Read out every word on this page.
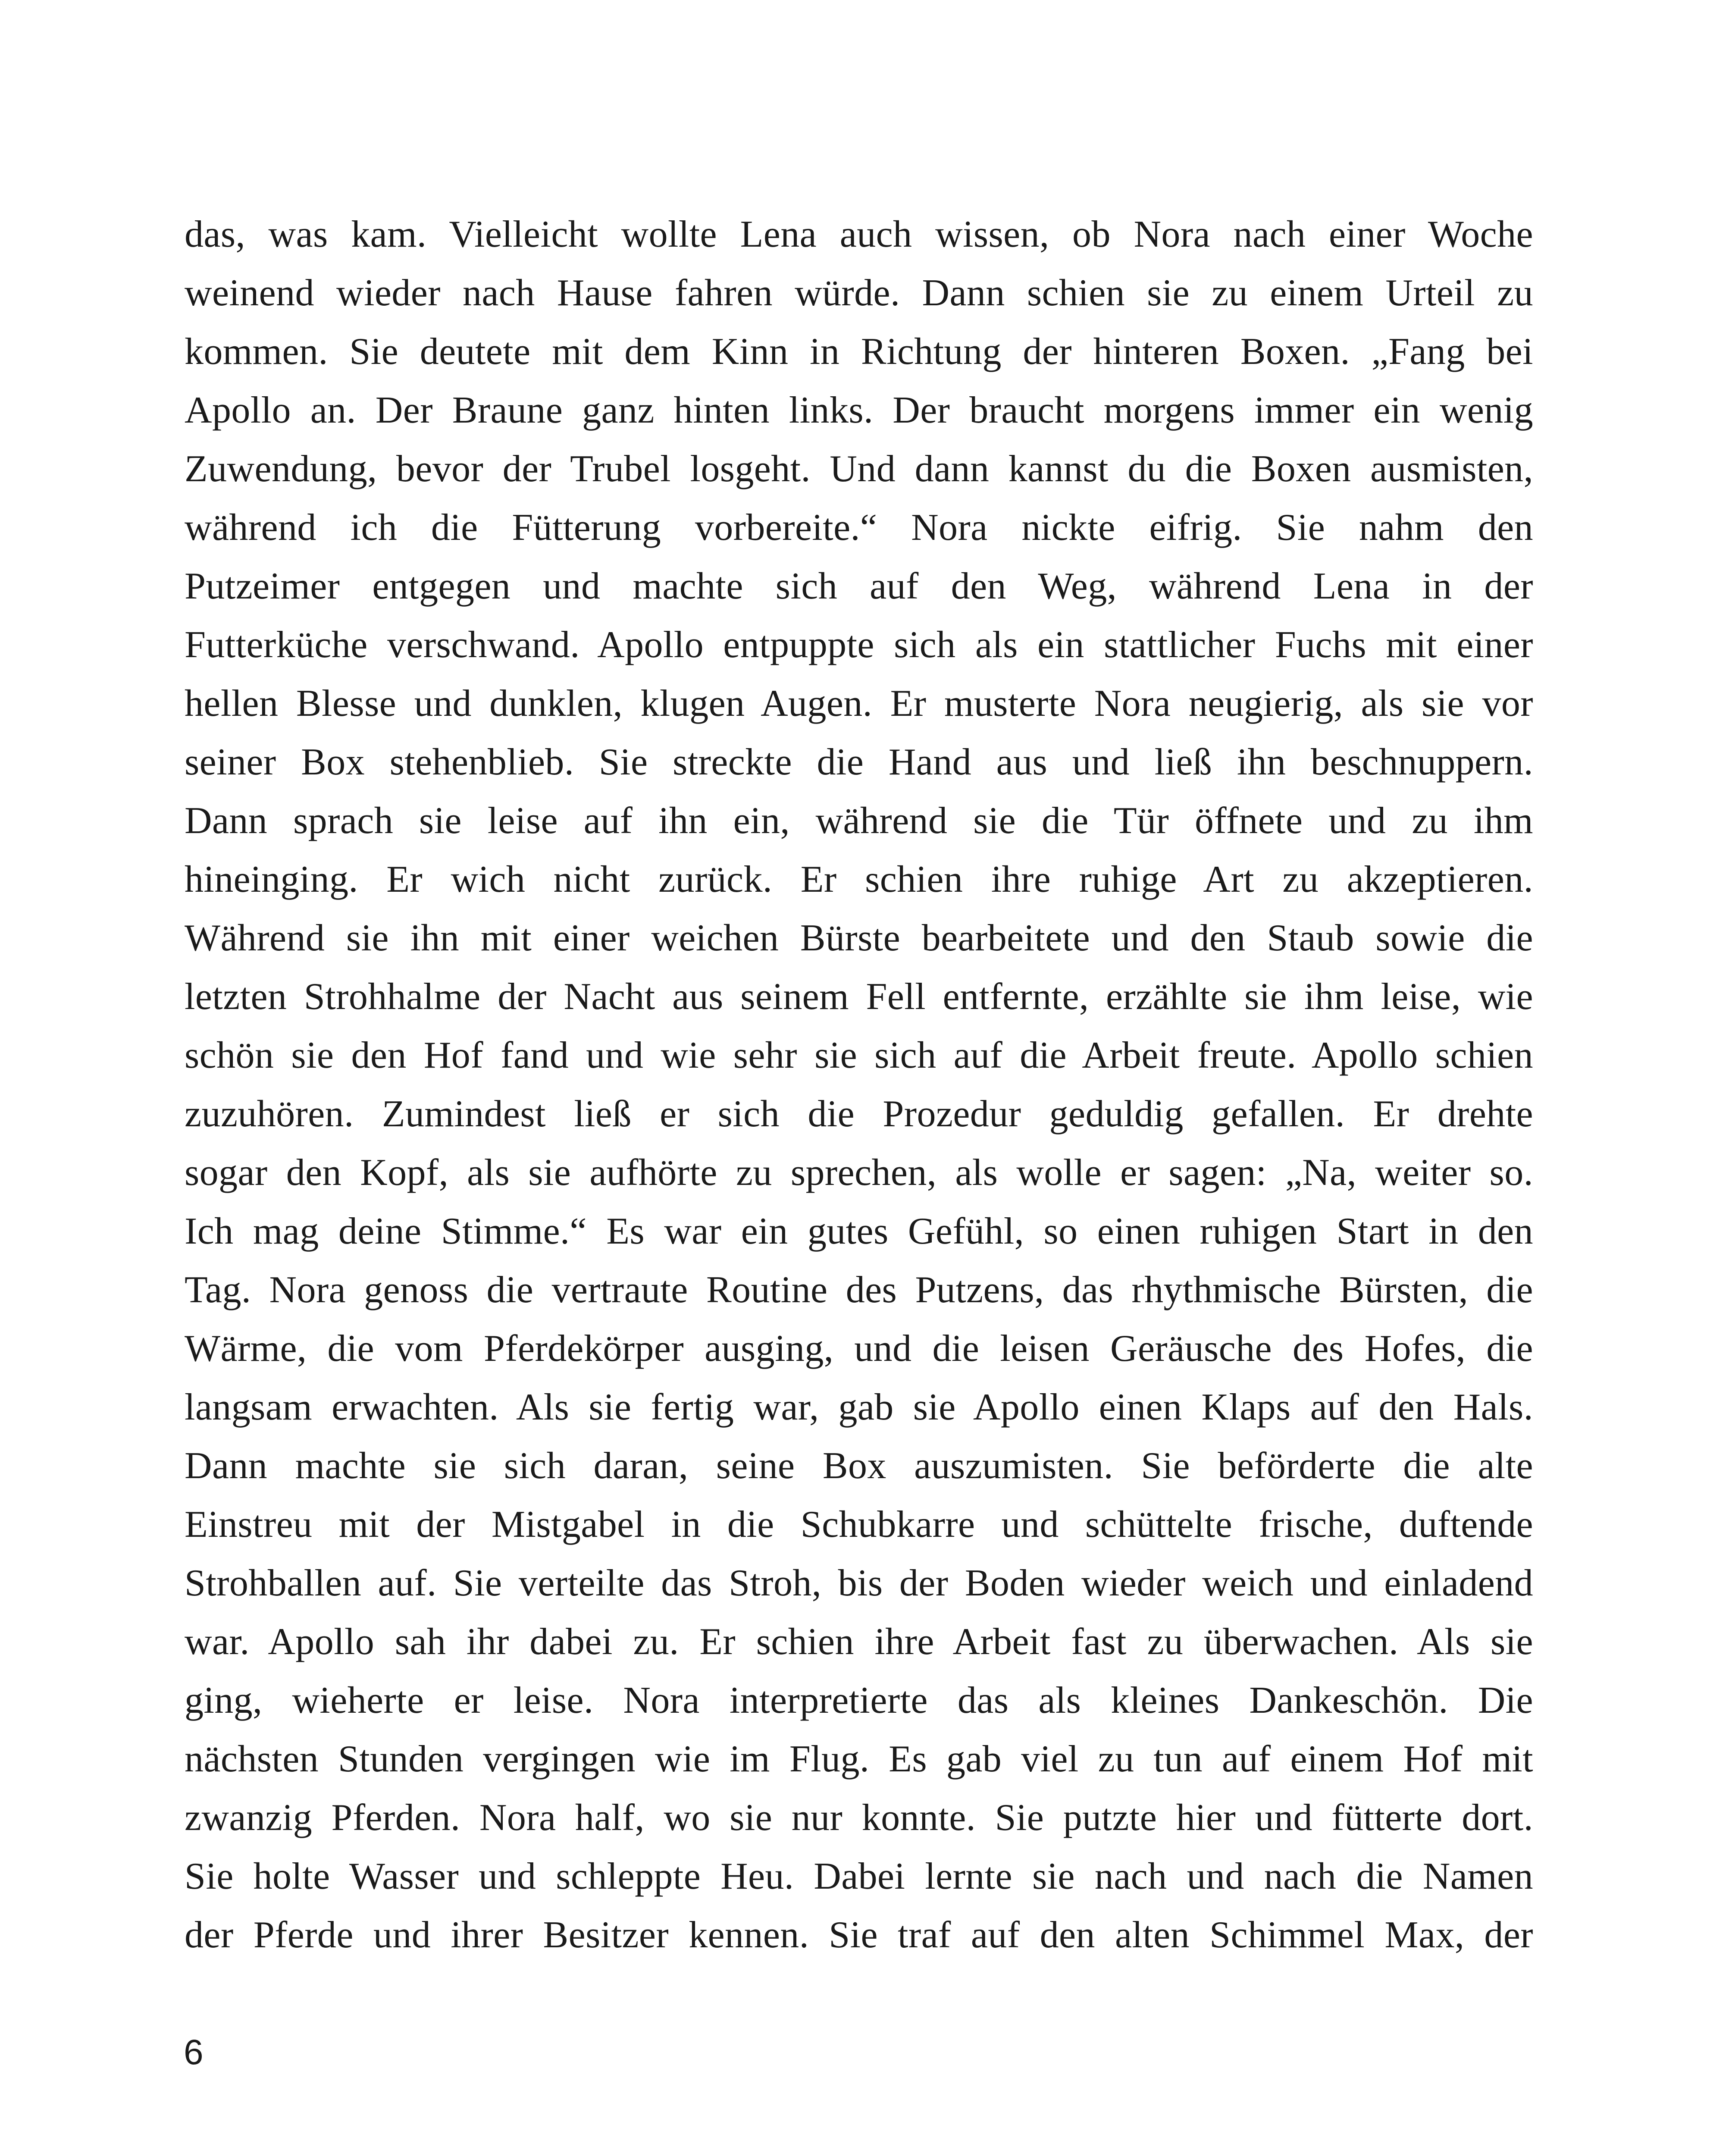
das, was kam. Vielleicht wollte Lena auch wissen, ob Nora nach einer Woche
weinend wieder nach Hause fahren würde. Dann schien sie zu einem Urteil zu
kommen. Sie deutete mit dem Kinn in Richtung der hinteren Boxen. „Fang bei
Apollo an. Der Braune ganz hinten links. Der braucht morgens immer ein wenig
Zuwendung, bevor der Trubel losgeht. Und dann kannst du die Boxen ausmisten,
während ich die Fütterung vorbereite.“ Nora nickte eifrig. Sie nahm den
Putzeimer entgegen und machte sich auf den Weg, während Lena in der
Futterküche verschwand. Apollo entpuppte sich als ein stattlicher Fuchs mit einer
hellen Blesse und dunklen, klugen Augen. Er musterte Nora neugierig, als sie vor
seiner Box stehenblieb. Sie streckte die Hand aus und ließ ihn beschnuppern.
Dann sprach sie leise auf ihn ein, während sie die Tür öffnete und zu ihm
hineinging. Er wich nicht zurück. Er schien ihre ruhige Art zu akzeptieren.
Während sie ihn mit einer weichen Bürste bearbeitete und den Staub sowie die
letzten Strohhalme der Nacht aus seinem Fell entfernte, erzählte sie ihm leise, wie
schön sie den Hof fand und wie sehr sie sich auf die Arbeit freute. Apollo schien
zuzuhören. Zumindest ließ er sich die Prozedur geduldig gefallen. Er drehte
sogar den Kopf, als sie aufhörte zu sprechen, als wolle er sagen: „Na, weiter so.
Ich mag deine Stimme.“ Es war ein gutes Gefühl, so einen ruhigen Start in den
Tag. Nora genoss die vertraute Routine des Putzens, das rhythmische Bürsten, die
Wärme, die vom Pferdekörper ausging, und die leisen Geräusche des Hofes, die
langsam erwachten. Als sie fertig war, gab sie Apollo einen Klaps auf den Hals.
Dann machte sie sich daran, seine Box auszumisten. Sie beförderte die alte
Einstreu mit der Mistgabel in die Schubkarre und schüttelte frische, duftende
Strohballen auf. Sie verteilte das Stroh, bis der Boden wieder weich und einladend
war. Apollo sah ihr dabei zu. Er schien ihre Arbeit fast zu überwachen. Als sie
ging, wieherte er leise. Nora interpretierte das als kleines Dankeschön. Die
nächsten Stunden vergingen wie im Flug. Es gab viel zu tun auf einem Hof mit
zwanzig Pferden. Nora half, wo sie nur konnte. Sie putzte hier und fütterte dort.
Sie holte Wasser und schleppte Heu. Dabei lernte sie nach und nach die Namen
der Pferde und ihrer Besitzer kennen. Sie traf auf den alten Schimmel Max, der
6
